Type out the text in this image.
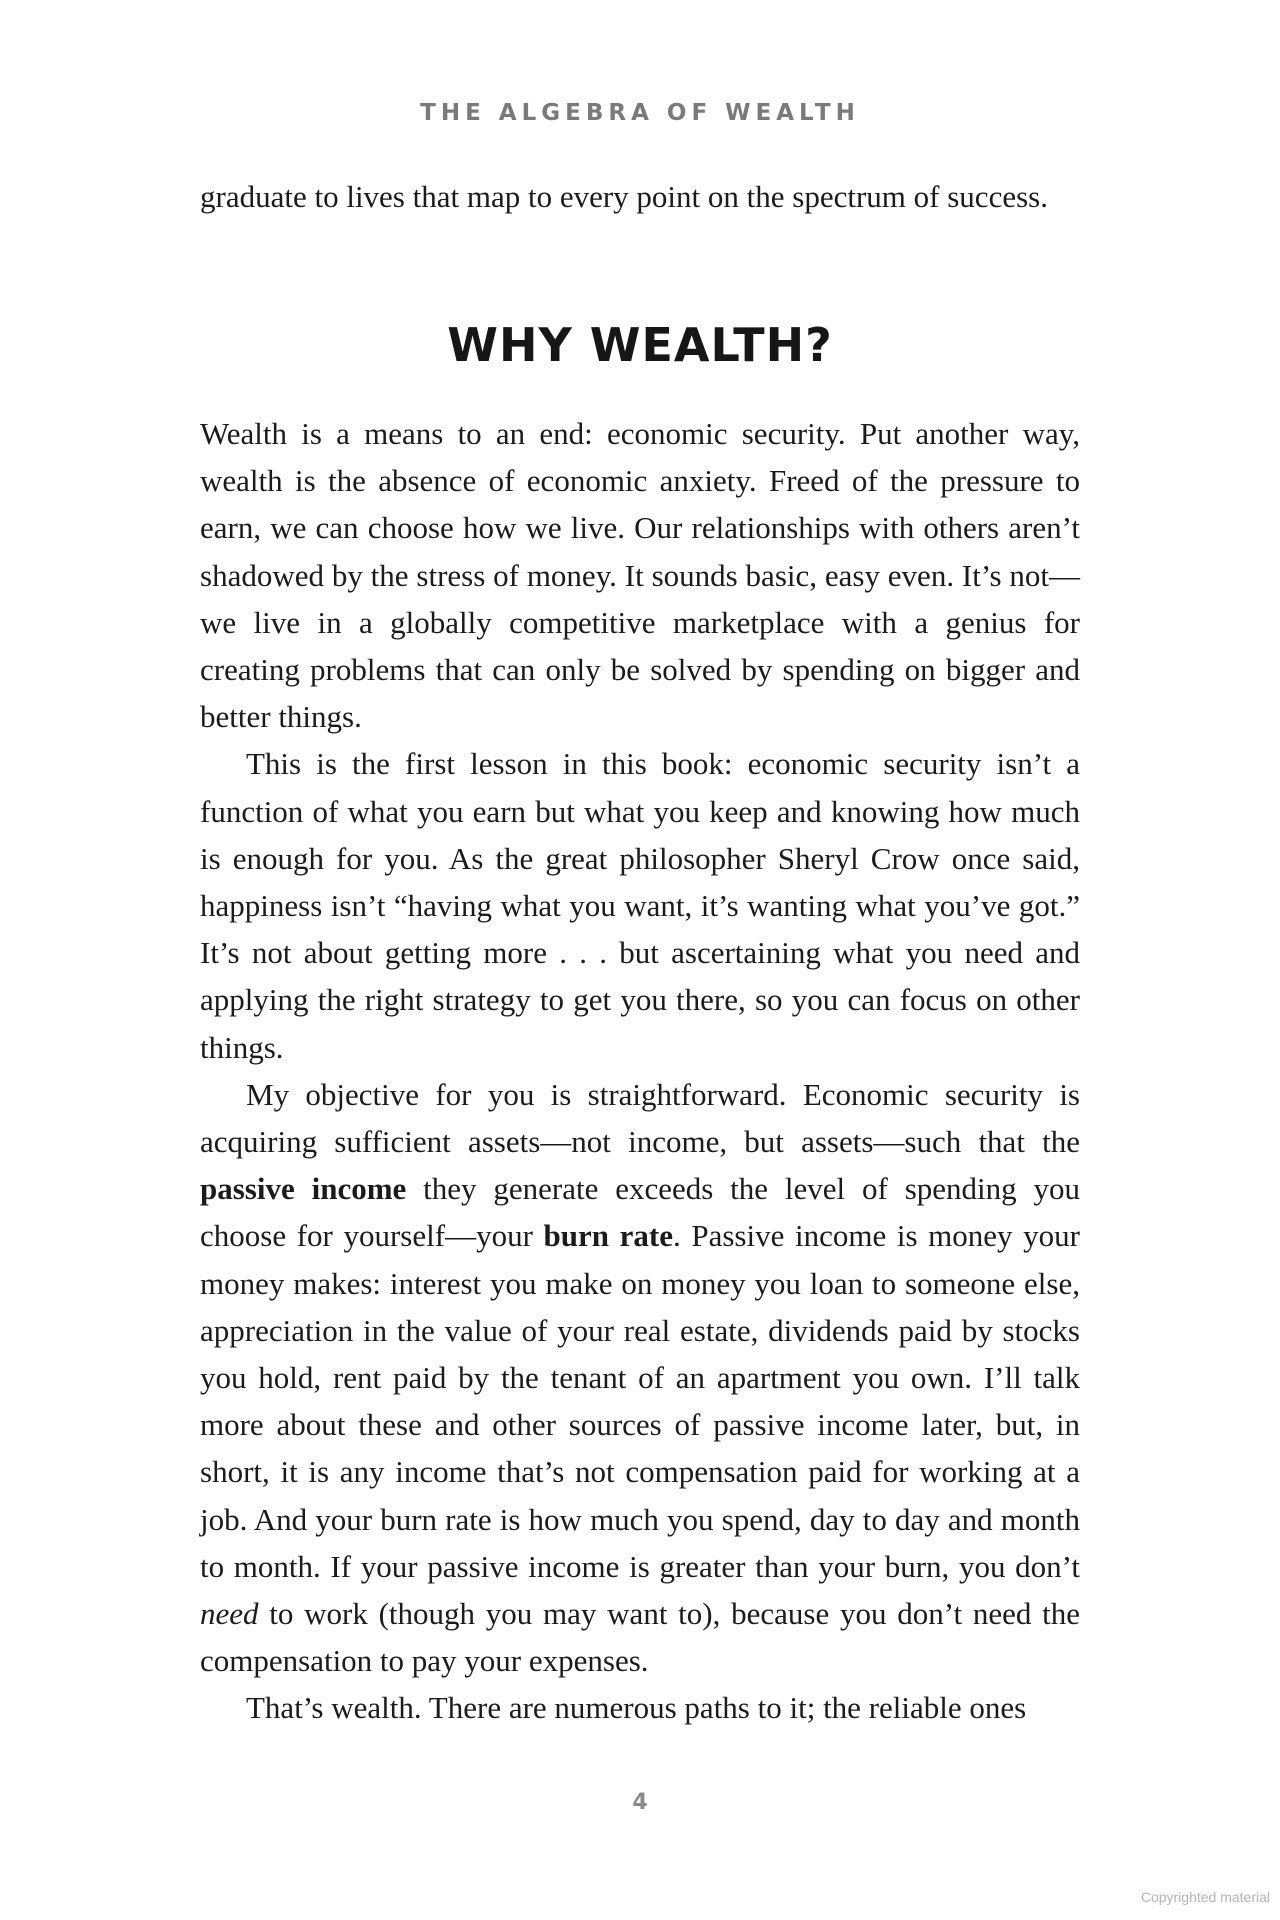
THE ALGEBRA OF WEALTH

graduate to lives that map to every point on the spectrum of success.

WHY WEALTH?

Wealth is a means to an end: economic security. Put another way, wealth is the absence of economic anxiety. Freed of the pressure to earn, we can choose how we live. Our relationships with others aren’t shadowed by the stress of money. It sounds basic, easy even. It’s not—we live in a globally competitive marketplace with a genius for creating problems that can only be solved by spending on bigger and better things.

This is the first lesson in this book: economic security isn’t a function of what you earn but what you keep and knowing how much is enough for you. As the great philosopher Sheryl Crow once said, happiness isn’t “having what you want, it’s wanting what you’ve got.” It’s not about getting more . . . but ascertaining what you need and applying the right strategy to get you there, so you can focus on other things.

My objective for you is straightforward. Economic security is acquiring sufficient assets—not income, but assets—such that the passive income they generate exceeds the level of spending you choose for yourself—your burn rate. Passive income is money your money makes: interest you make on money you loan to someone else, appreciation in the value of your real estate, dividends paid by stocks you hold, rent paid by the tenant of an apartment you own. I’ll talk more about these and other sources of passive income later, but, in short, it is any income that’s not compensation paid for working at a job. And your burn rate is how much you spend, day to day and month to month. If your passive income is greater than your burn, you don’t need to work (though you may want to), because you don’t need the compensation to pay your expenses.

That’s wealth. There are numerous paths to it; the reliable ones

4
Copyrighted material
